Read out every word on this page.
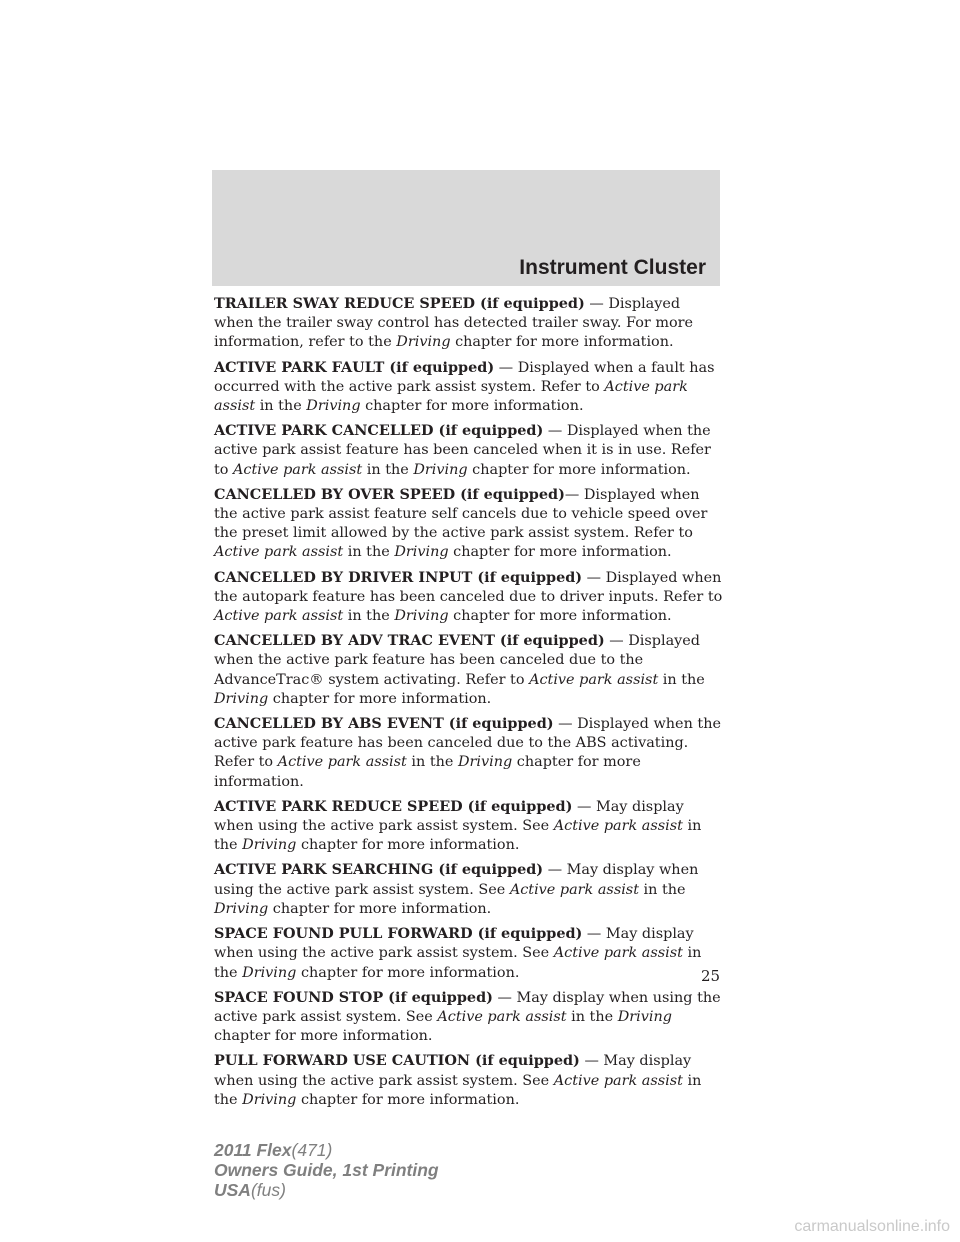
Instrument Cluster

TRAILER SWAY REDUCE SPEED (if equipped) — Displayed when the trailer sway control has detected trailer sway. For more information, refer to the Driving chapter for more information.

ACTIVE PARK FAULT (if equipped) — Displayed when a fault has occurred with the active park assist system. Refer to Active park assist in the Driving chapter for more information.

ACTIVE PARK CANCELLED (if equipped) — Displayed when the active park assist feature has been canceled when it is in use. Refer to Active park assist in the Driving chapter for more information.

CANCELLED BY OVER SPEED (if equipped)— Displayed when the active park assist feature self cancels due to vehicle speed over the preset limit allowed by the active park assist system. Refer to Active park assist in the Driving chapter for more information.

CANCELLED BY DRIVER INPUT (if equipped) — Displayed when the autopark feature has been canceled due to driver inputs. Refer to Active park assist in the Driving chapter for more information.

CANCELLED BY ADV TRAC EVENT (if equipped) — Displayed when the active park feature has been canceled due to the AdvanceTrac® system activating. Refer to Active park assist in the Driving chapter for more information.

CANCELLED BY ABS EVENT (if equipped) — Displayed when the active park feature has been canceled due to the ABS activating. Refer to Active park assist in the Driving chapter for more information.

ACTIVE PARK REDUCE SPEED (if equipped) — May display when using the active park assist system. See Active park assist in the Driving chapter for more information.

ACTIVE PARK SEARCHING (if equipped) — May display when using the active park assist system. See Active park assist in the Driving chapter for more information.

SPACE FOUND PULL FORWARD (if equipped) — May display when using the active park assist system. See Active park assist in the Driving chapter for more information.

SPACE FOUND STOP (if equipped) — May display when using the active park assist system. See Active park assist in the Driving chapter for more information.

PULL FORWARD USE CAUTION (if equipped) — May display when using the active park assist system. See Active park assist in the Driving chapter for more information.

25
2011 Flex(471)
Owners Guide, 1st Printing
USA(fus)
carmanualsonline.info
